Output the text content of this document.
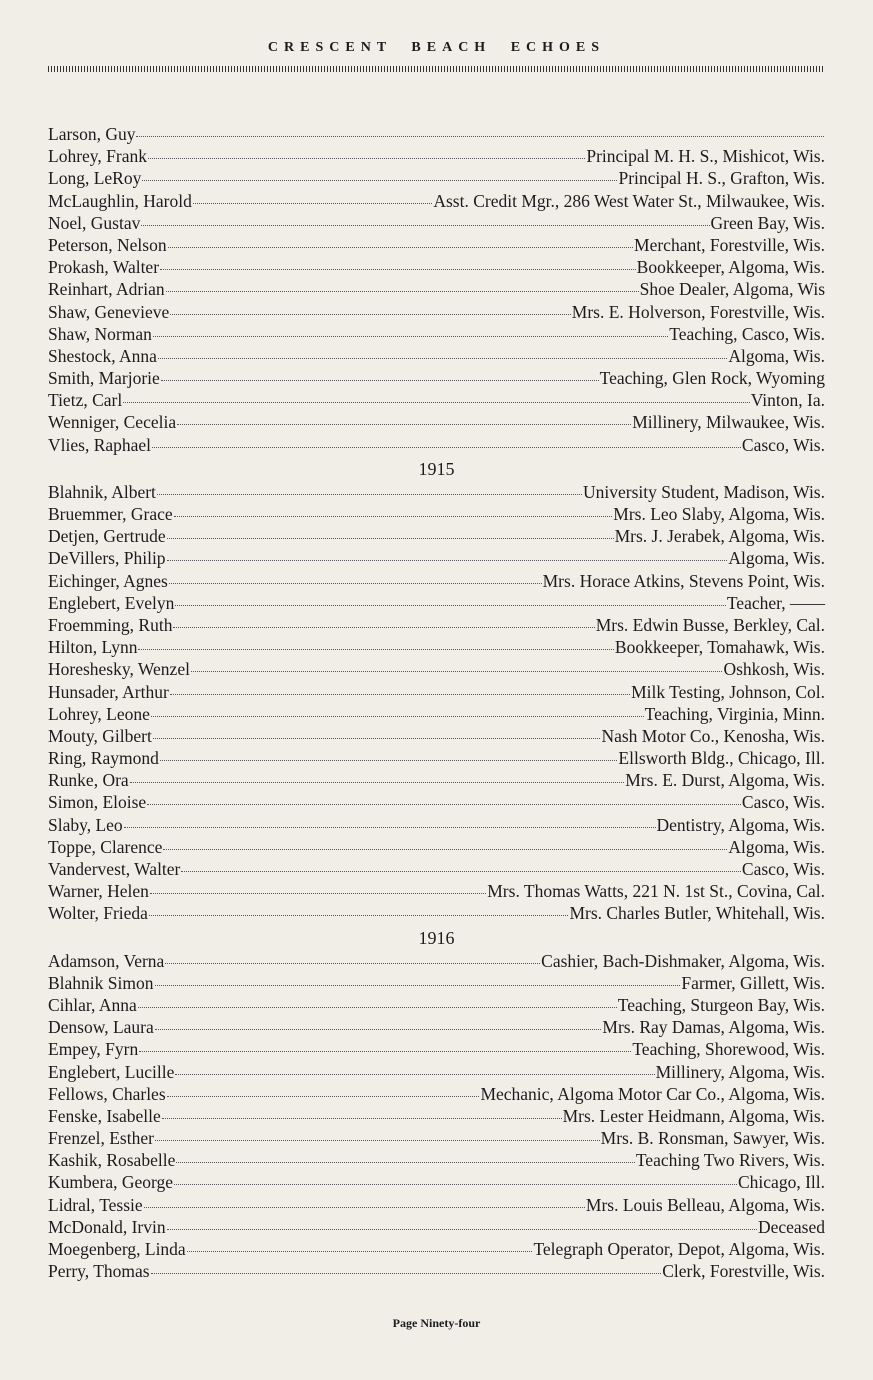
CRESCENT BEACH ECHOES
Larson, Guy
Lohrey, Frank	Principal M. H. S., Mishicot, Wis.
Long, LeRoy	Principal H. S., Grafton, Wis.
McLaughlin, Harold	Asst. Credit Mgr., 286 West Water St., Milwaukee, Wis.
Noel, Gustav	Green Bay, Wis.
Peterson, Nelson	Merchant, Forestville, Wis.
Prokash, Walter	Bookkeeper, Algoma, Wis.
Reinhart, Adrian	Shoe Dealer, Algoma, Wis
Shaw, Genevieve	Mrs. E. Holverson, Forestville, Wis.
Shaw, Norman	Teaching, Casco, Wis.
Shestock, Anna	Algoma, Wis.
Smith, Marjorie	Teaching, Glen Rock, Wyoming
Tietz, Carl	Vinton, Ia.
Wenniger, Cecelia	Millinery, Milwaukee, Wis.
Vlies, Raphael	Casco, Wis.
1915
Blahnik, Albert	University Student, Madison, Wis.
Bruemmer, Grace	Mrs. Leo Slaby, Algoma, Wis.
Detjen, Gertrude	Mrs. J. Jerabek, Algoma, Wis.
DeVillers, Philip	Algoma, Wis.
Eichinger, Agnes	Mrs. Horace Atkins, Stevens Point, Wis.
Englebert, Evelyn	Teacher, ——
Froemming, Ruth	Mrs. Edwin Busse, Berkley, Cal.
Hilton, Lynn	Bookkeeper, Tomahawk, Wis.
Horeshesky, Wenzel	Oshkosh, Wis.
Hunsader, Arthur	Milk Testing, Johnson, Col.
Lohrey, Leone	Teaching, Virginia, Minn.
Mouty, Gilbert	Nash Motor Co., Kenosha, Wis.
Ring, Raymond	Ellsworth Bldg., Chicago, Ill.
Runke, Ora	Mrs. E. Durst, Algoma, Wis.
Simon, Eloise	Casco, Wis.
Slaby, Leo	Dentistry, Algoma, Wis.
Toppe, Clarence	Algoma, Wis.
Vandervest, Walter	Casco, Wis.
Warner, Helen	Mrs. Thomas Watts, 221 N. 1st St., Covina, Cal.
Wolter, Frieda	Mrs. Charles Butler, Whitehall, Wis.
1916
Adamson, Verna	Cashier, Bach-Dishmaker, Algoma, Wis.
Blahnik Simon	Farmer, Gillett, Wis.
Cihlar, Anna	Teaching, Sturgeon Bay, Wis.
Densow, Laura	Mrs. Ray Damas, Algoma, Wis.
Empey, Fyrn	Teaching, Shorewood, Wis.
Englebert, Lucille	Millinery, Algoma, Wis.
Fellows, Charles	Mechanic, Algoma Motor Car Co., Algoma, Wis.
Fenske, Isabelle	Mrs. Lester Heidmann, Algoma, Wis.
Frenzel, Esther	Mrs. B. Ronsman, Sawyer, Wis.
Kashik, Rosabelle	Teaching Two Rivers, Wis.
Kumbera, George	Chicago, Ill.
Lidral, Tessie	Mrs. Louis Belleau, Algoma, Wis.
McDonald, Irvin	Deceased
Moegenberg, Linda	Telegraph Operator, Depot, Algoma, Wis.
Perry, Thomas	Clerk, Forestville, Wis.
Page Ninety-four
